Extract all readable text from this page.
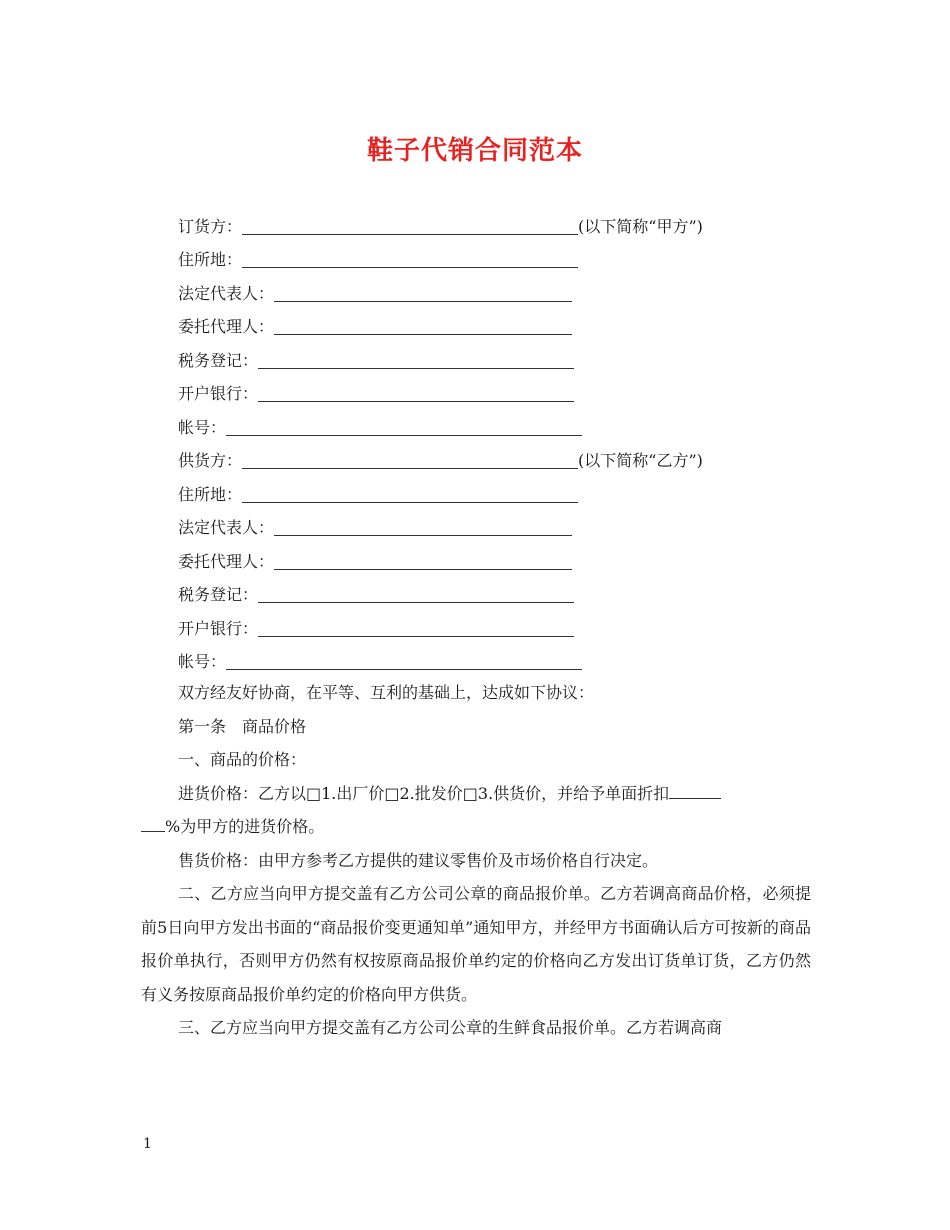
鞋子代销合同范本
订货方：	(以下简称“甲方”)
住所地：
法定代表人：
委托代理人：
税务登记：
开户银行：
帐号：
供货方：	(以下简称“乙方”)
住所地：
法定代表人：
委托代理人：
税务登记：
开户银行：
帐号：

双方经友好协商，在平等、互利的基础上，达成如下协议：

第一条　商品价格

一、商品的价格：

进货价格：乙方以□1.出厂价□2.批发价□3.供货价，并给予单面折扣
%为甲方的进货价格。

售货价格：由甲方参考乙方提供的建议零售价及市场价格自行决定。

二、乙方应当向甲方提交盖有乙方公司公章的商品报价单。乙方若调高商品价格，必须提前5日向甲方发出书面的“商品报价变更通知单”通知甲方，并经甲方书面确认后方可按新的商品报价单执行，否则甲方仍然有权按原商品报价单约定的价格向乙方发出订货单订货，乙方仍然有义务按原商品报价单约定的价格向甲方供货。

三、乙方应当向甲方提交盖有乙方公司公章的生鲜食品报价单。乙方若调高商

1
